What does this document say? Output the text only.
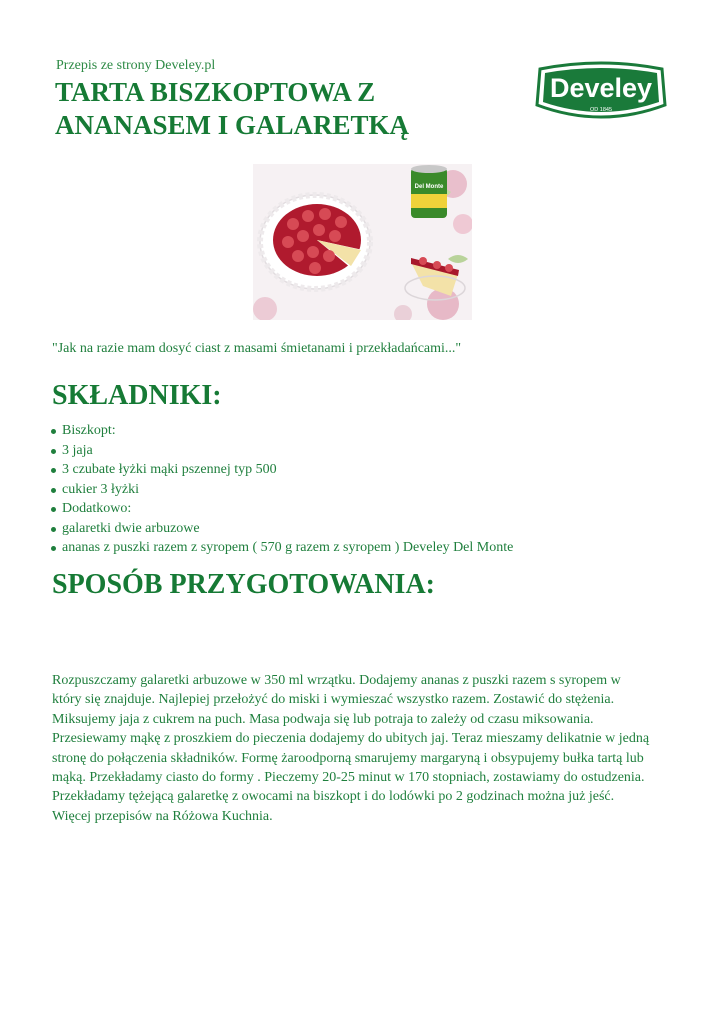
Przepis ze strony Develey.pl
TARTA BISZKOPTOWA Z ANANASEM I GALARETKĄ
Develey
OD 1845
Del Monte
"Jak na razie mam dosyć ciast z masami śmietanami i przekładańcami..."
SKŁADNIKI:
Biszkopt:
3 jaja
3 czubate łyżki mąki pszennej typ 500
cukier 3 łyżki
Dodatkowo:
galaretki dwie arbuzowe
ananas z puszki razem z syropem ( 570 g razem z syropem ) Develey Del Monte
SPOSÓB PRZYGOTOWANIA:

Rozpuszczamy galaretki arbuzowe w 350 ml wrzątku. Dodajemy ananas z puszki razem s syropem w który się znajduje. Najlepiej przełożyć do miski i wymieszać wszystko razem. Zostawić do stężenia. Miksujemy jaja z cukrem na puch. Masa podwaja się lub potraja to zależy od czasu miksowania. Przesiewamy mąkę z proszkiem do pieczenia dodajemy do ubitych jaj. Teraz mieszamy delikatnie w jedną stronę do połączenia składników. Formę żaroodporną smarujemy margaryną i obsypujemy bułka tartą lub mąką. Przekładamy ciasto do formy . Pieczemy 20-25 minut w 170 stopniach, zostawiamy do ostudzenia. Przekładamy tężejącą galaretkę z owocami na biszkopt i do lodówki po 2 godzinach można już jeść. Więcej przepisów na Różowa Kuchnia.
